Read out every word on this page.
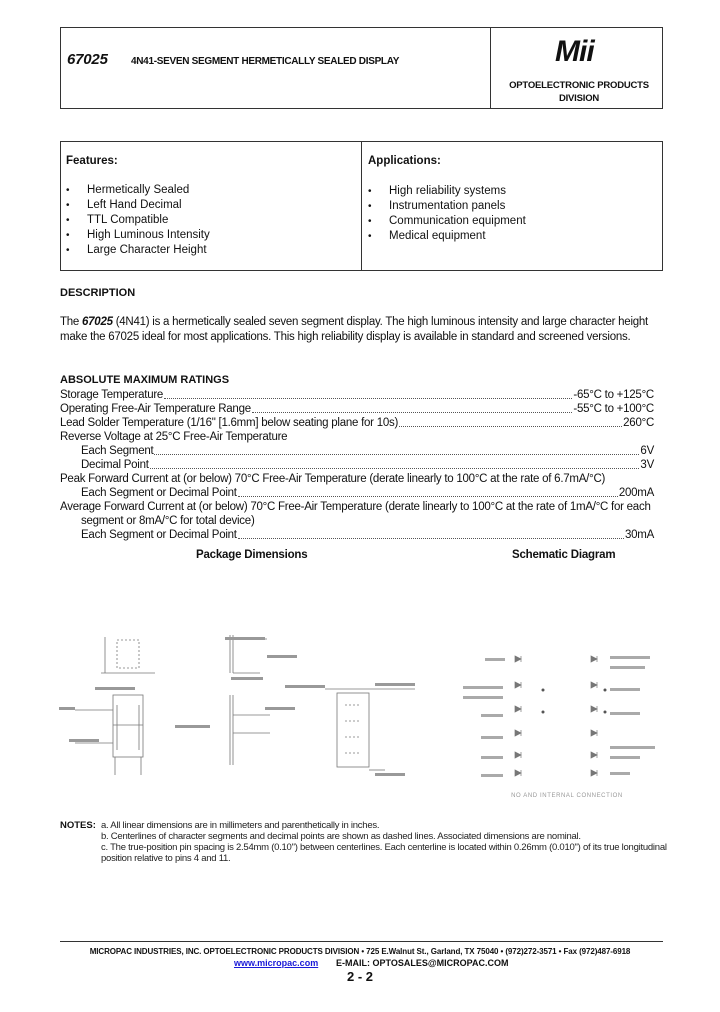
67025 4N41-SEVEN SEGMENT HERMETICALLY SEALED DISPLAY	Mii
OPTOELECTRONIC PRODUCTS
DIVISION
Features:
• Hermetically Sealed
• Left Hand Decimal
• TTL Compatible
• High Luminous Intensity
• Large Character Height
Applications:
• High reliability systems
• Instrumentation panels
• Communication equipment
• Medical equipment
DESCRIPTION
The 67025 (4N41) is a hermetically sealed seven segment display. The high luminous intensity and large character height make the 67025 ideal for most applications. This high reliability display is available in standard and screened versions.
ABSOLUTE MAXIMUM RATINGS
Storage Temperature	-65°C to +125°C
Operating Free-Air Temperature Range	-55°C to +100°C
Lead Solder Temperature (1/16" [1.6mm] below seating plane for 10s)	260°C
Reverse Voltage at 25°C Free-Air Temperature
Each Segment	6V
Decimal Point	3V
Peak Forward Current at (or below) 70°C Free-Air Temperature (derate linearly to 100°C at the rate of 6.7mA/°C)
Each Segment or Decimal Point	200mA
Average Forward Current at (or below) 70°C Free-Air Temperature (derate linearly to 100°C at the rate of 1mA/°C for each
segment or 8mA/°C for total device)
Each Segment or Decimal Point	30mA
Package Dimensions	Schematic Diagram
NO AND INTERNAL CONNECTION
NOTES: a. All linear dimensions are in millimeters and parenthetically in inches.
b. Centerlines of character segments and decimal points are shown as dashed lines. Associated dimensions are nominal.
c. The true-position pin spacing is 2.54mm (0.10") between centerlines. Each centerline is located within 0.26mm (0.010") of its true longitudinal
position relative to pins 4 and 11.
MICROPAC INDUSTRIES, INC. OPTOELECTRONIC PRODUCTS DIVISION • 725 E.Walnut St., Garland, TX 75040 • (972)272-3571 • Fax (972)487-6918
www.micropac.com E-MAIL: OPTOSALES@MICROPAC.COM
2 - 2
